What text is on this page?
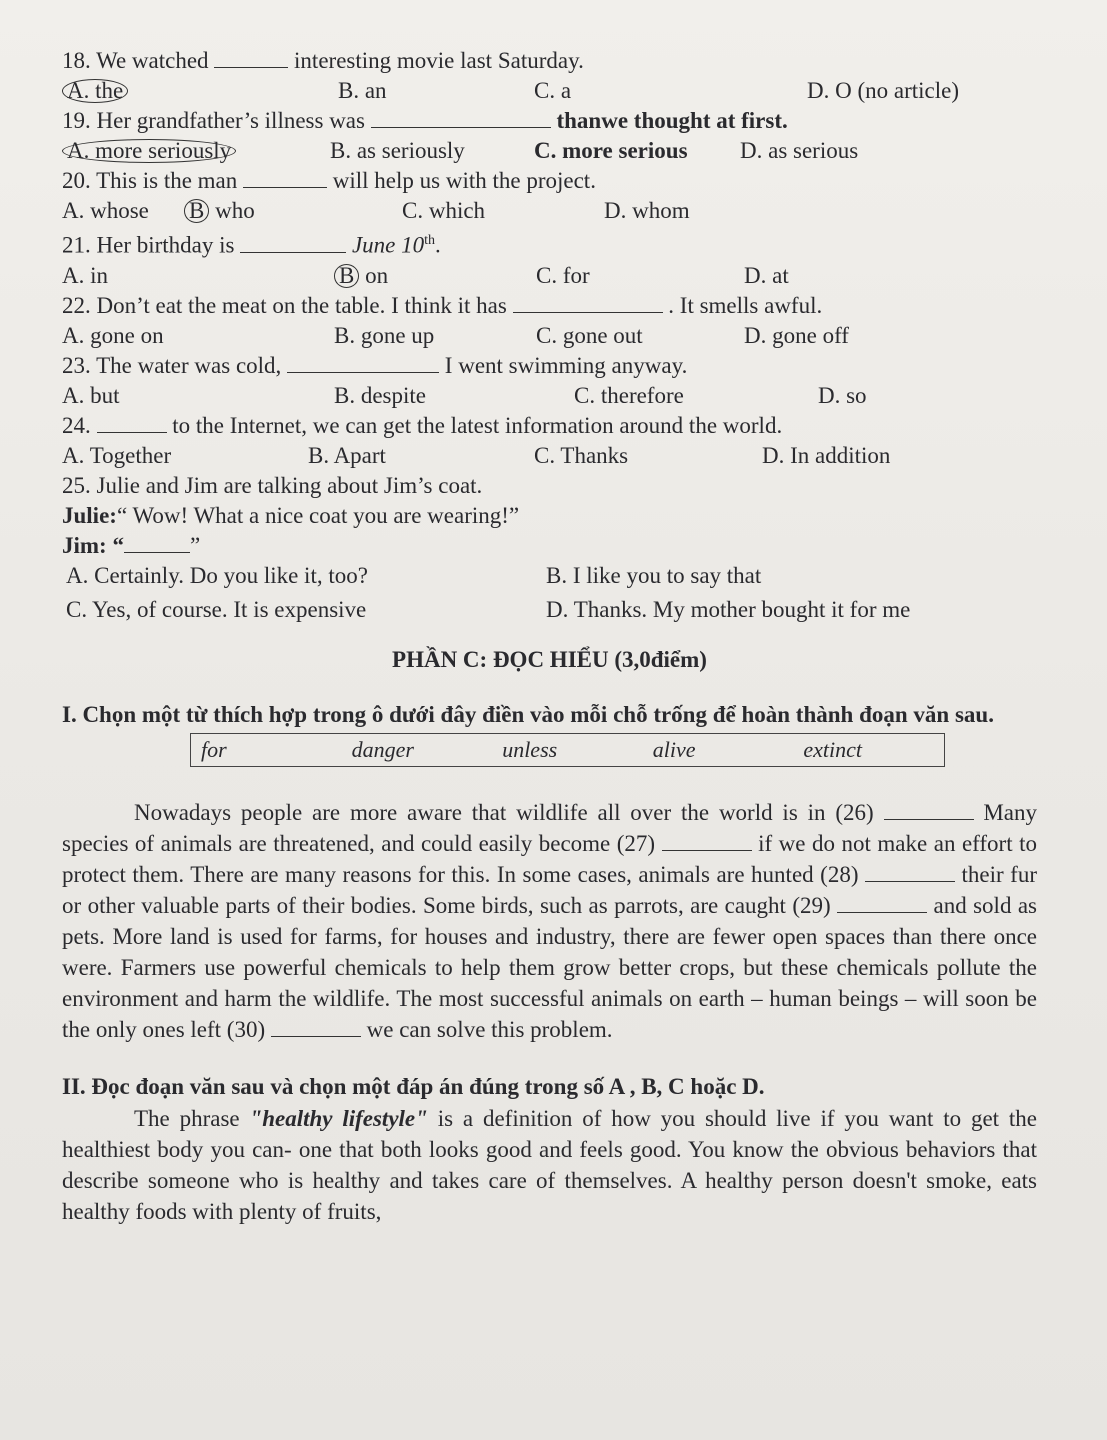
18. We watched	interesting movie last Saturday.
A. the	B. an	C. a	D. O (no article)
19. Her grandfather’s illness was	thanwe thought at first.
A. more seriously	B. as seriously	C. more serious D. as serious
20. This is the man	will help us with the project.
A. whose B who	C. which	D. whom
21. Her birthday is	June 10th.
A. in	B on	C. for	D. at
22. Don’t eat the meat on the table. I think it has	. It smells awful.
A. gone on	B. gone up	C. gone out	D. gone off
23. The water was cold,	I went swimming anyway.
A. but	B. despite	C. therefore	D. so
24.	to the Internet, we can get the latest information around the world.
A. Together	B. Apart	C. Thanks	D. In addition
25. Julie and Jim are talking about Jim’s coat.
Julie:“ Wow! What a nice coat you are wearing!”
Jim: “	”
A. Certainly. Do you like it, too?	B. I like you to say that
C. Yes, of course. It is expensive	D. Thanks. My mother bought it for me
PHẦN C: ĐỌC HIỂU (3,0điểm)
I. Chọn một từ thích hợp trong ô dưới đây điền vào mỗi chỗ trống để hoàn thành đoạn văn sau.
for	danger	unless	alive	extinct
Nowadays people are more aware that wildlife all over the world is in (26)	Many species of animals are threatened, and could easily become (27)	if we do not make an effort to protect them. There are many reasons for this. In some cases, animals are hunted (28)	their fur or other valuable parts of their bodies. Some birds, such as parrots, are caught (29)	and sold as pets. More land is used for farms, for houses and industry, there are fewer open spaces than there once were. Farmers use powerful chemicals to help them grow better crops, but these chemicals pollute the environment and harm the wildlife. The most successful animals on earth – human beings – will soon be the only ones left (30)	we can solve this problem.
II. Đọc đoạn văn sau và chọn một đáp án đúng trong số A , B, C hoặc D.
The phrase "healthy lifestyle" is a definition of how you should live if you want to get the healthiest body you can- one that both looks good and feels good. You know the obvious behaviors that describe someone who is healthy and takes care of themselves. A healthy person doesn't smoke, eats healthy foods with plenty of fruits,
